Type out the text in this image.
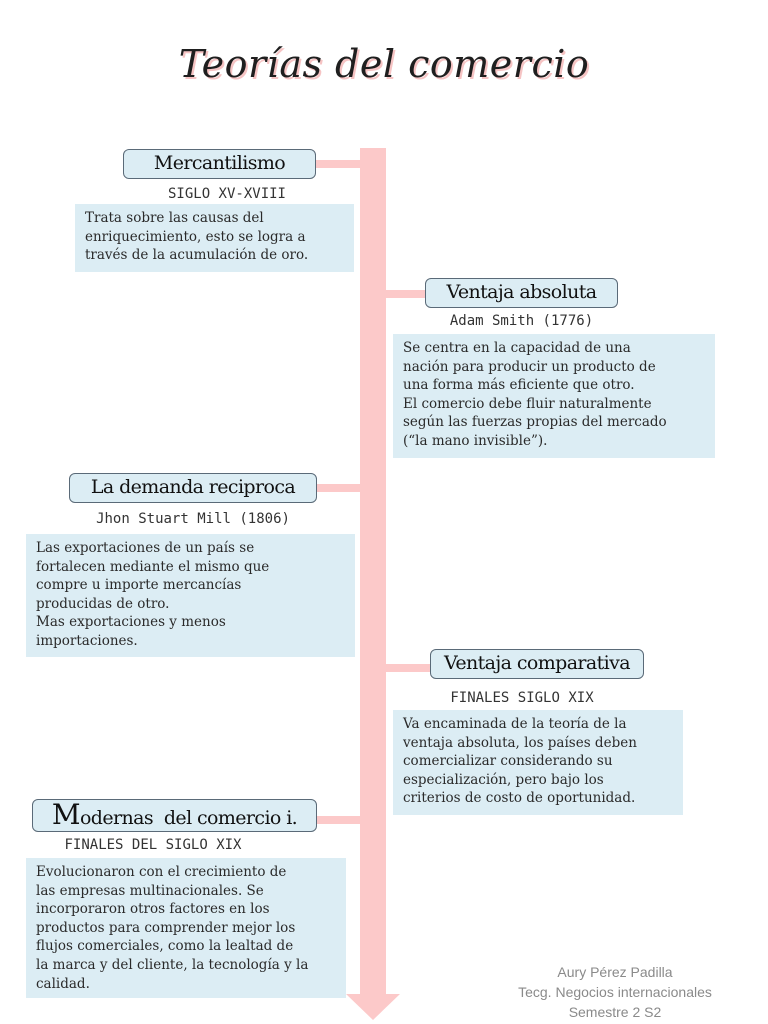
Teorías del comercio
Mercantilismo
SIGLO XV-XVIII
Trata sobre las causas del
enriquecimiento, esto se logra a
través de la acumulación de oro.
Ventaja absoluta
Adam Smith (1776)
Se centra en la capacidad de una
nación para producir un producto de
una forma más eficiente que otro.
El comercio debe fluir naturalmente
según las fuerzas propias del mercado
(“la mano invisible”).
La demanda reciproca
Jhon Stuart Mill (1806)
Las exportaciones de un país se
fortalecen mediante el mismo que
compre u importe mercancías
producidas de otro.
Mas exportaciones y menos
importaciones.
Ventaja comparativa
FINALES SIGLO XIX
Va encaminada de la teoría de la
ventaja absoluta, los países deben
comercializar considerando su
especialización, pero bajo los
criterios de costo de oportunidad.
Modernas  del comercio i.
FINALES DEL SIGLO XIX
Evolucionaron con el crecimiento de
las empresas multinacionales. Se
incorporaron otros factores en los
productos para comprender mejor los
flujos comerciales, como la lealtad de
la marca y del cliente, la tecnología y la
calidad.
Aury Pérez Padilla
Tecg. Negocios internacionales
Semestre 2 S2
